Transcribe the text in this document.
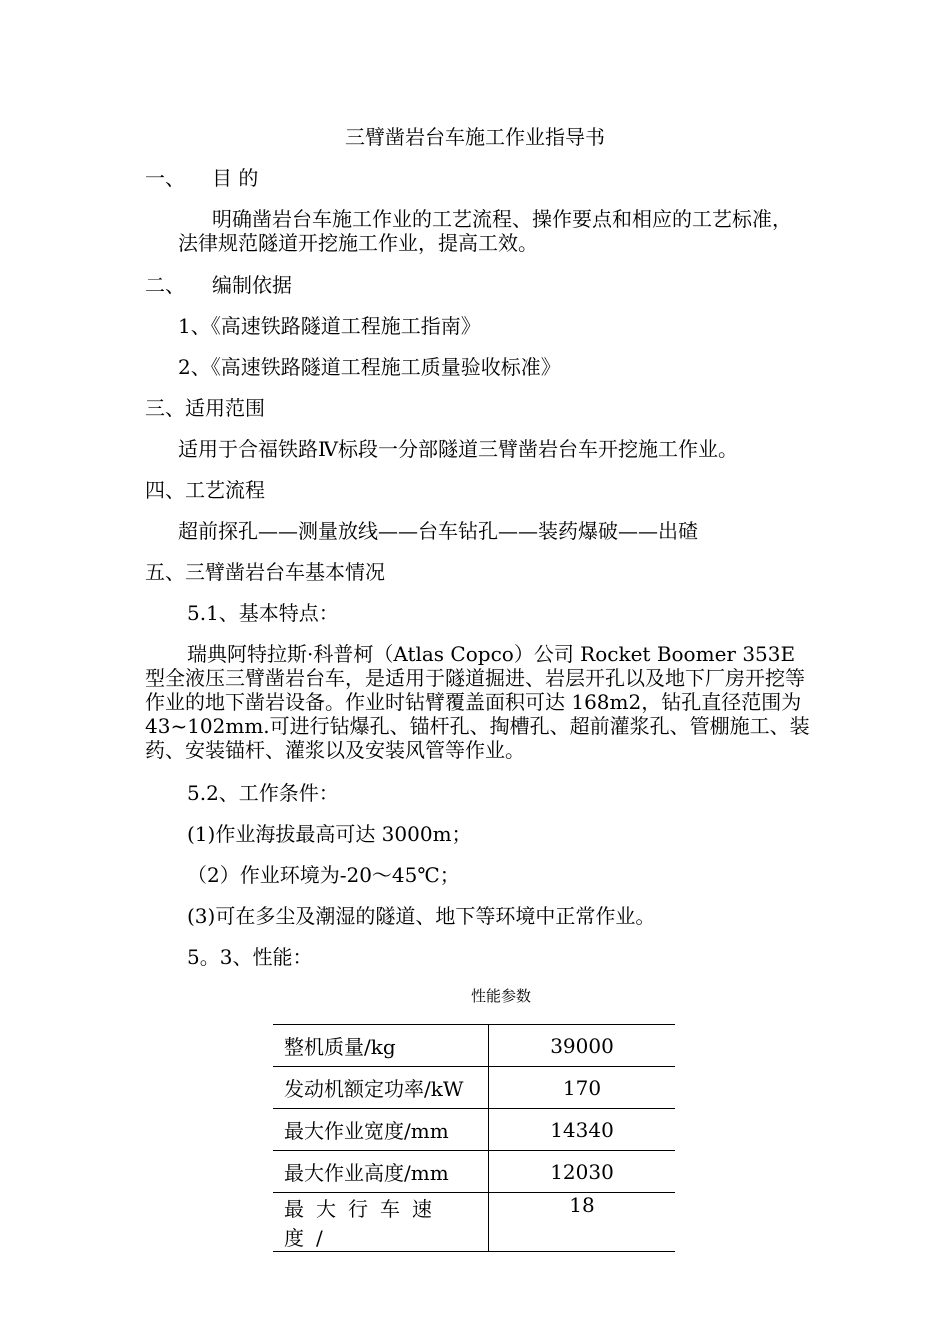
三臂凿岩台车施工作业指导书
一、 目 的
明确凿岩台车施工作业的工艺流程、操作要点和相应的工艺标准，法律规范隧道开挖施工作业，提高工效。
二、 编制依据
1、《高速铁路隧道工程施工指南》
2、《高速铁路隧道工程施工质量验收标准》
三、适用范围
适用于合福铁路Ⅳ标段一分部隧道三臂凿岩台车开挖施工作业。
四、工艺流程
超前探孔——测量放线——台车钻孔——装药爆破——出碴
五、三臂凿岩台车基本情况
5.1、基本特点：
瑞典阿特拉斯·科普柯（Atlas Copco）公司 Rocket Boomer 353E 型全液压三臂凿岩台车，是适用于隧道掘进、岩层开孔以及地下厂房开挖等作业的地下凿岩设备。作业时钻臂覆盖面积可达 168m2，钻孔直径范围为 43~102mm.可进行钻爆孔、锚杆孔、掏槽孔、超前灌浆孔、管棚施工、装药、安装锚杆、灌浆以及安装风管等作业。
5.2、工作条件：
(1)作业海拔最高可达 3000m；
（2）作业环境为-20～45℃；
(3)可在多尘及潮湿的隧道、地下等环境中正常作业。
5。3、性能：
性能参数
整机质量/kg	39000
发动机额定功率/kW	170
最大作业宽度/mm	14340
最大作业高度/mm	12030
最大行车速度/	18
